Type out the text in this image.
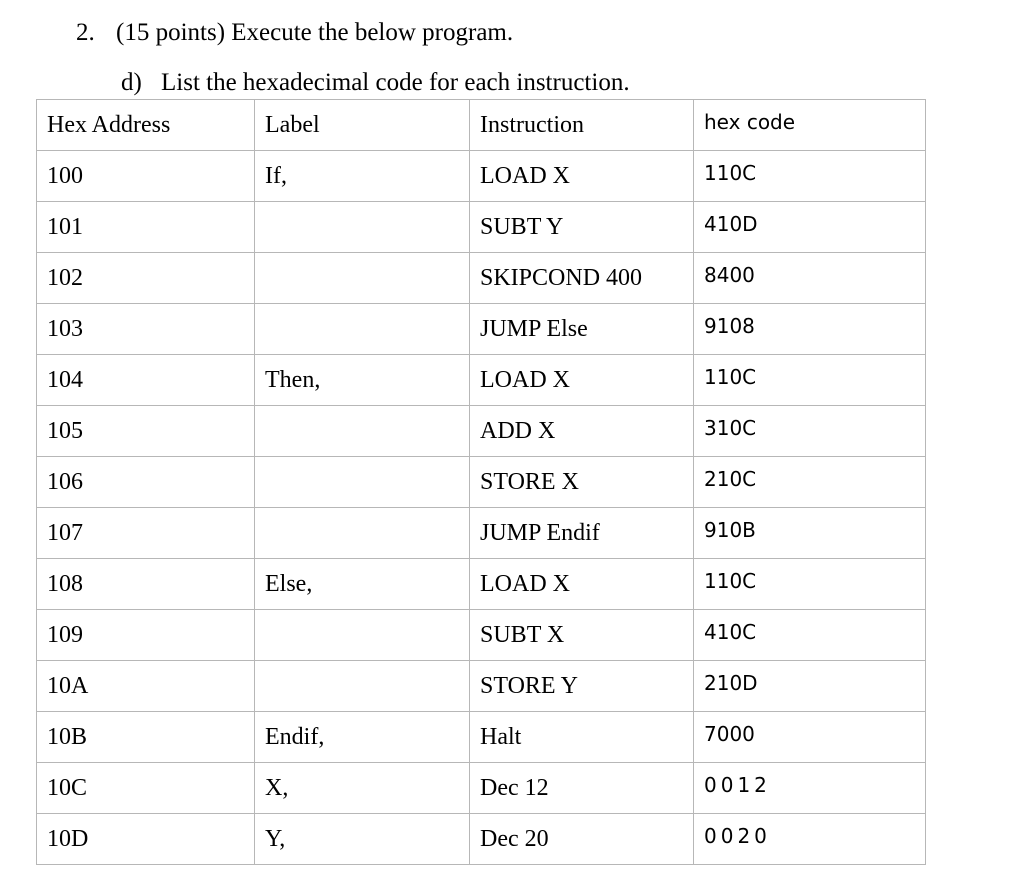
2. (15 points) Execute the below program.
d) List the hexadecimal code for each instruction.
Hex Address	Label	Instruction	hex code
100	If,	LOAD X	110C
101		SUBT Y	410D
102		SKIPCOND 400	8400
103		JUMP Else	9108
104	Then,	LOAD X	110C
105		ADD X	310C
106		STORE X	210C
107		JUMP Endif	910B
108	Else,	LOAD X	110C
109		SUBT X	410C
10A		STORE Y	210D
10B	Endif,	Halt	7000
10C	X,	Dec 12	0012
10D	Y,	Dec 20	0020
